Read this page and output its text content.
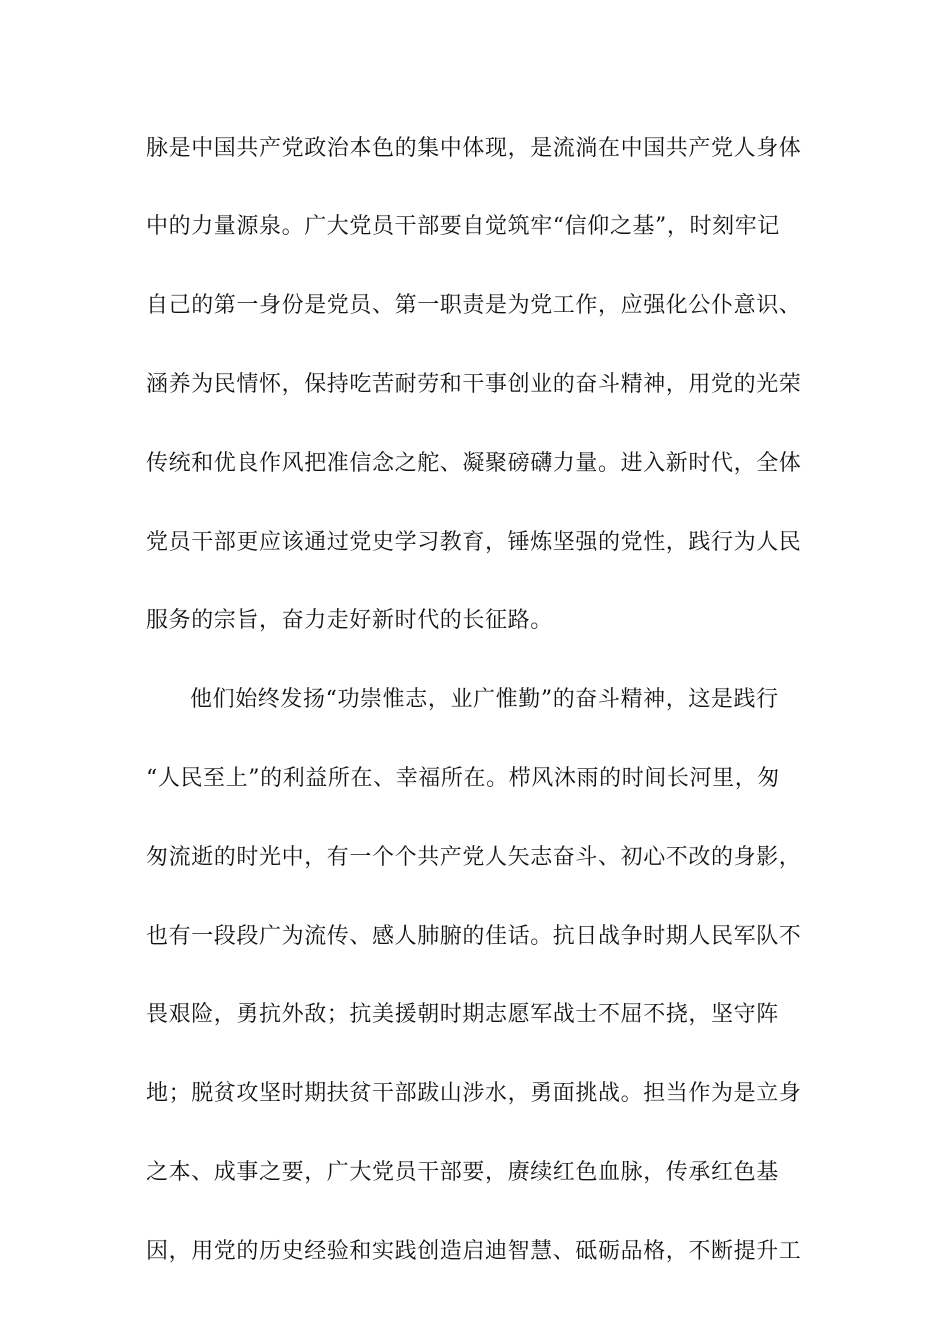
脉是中国共产党政治本色的集中体现，是流淌在中国共产党人身体
中的力量源泉。广大党员干部要自觉筑牢“信仰之基”，时刻牢记
自己的第一身份是党员、第一职责是为党工作，应强化公仆意识、
涵养为民情怀，保持吃苦耐劳和干事创业的奋斗精神，用党的光荣
传统和优良作风把准信念之舵、凝聚磅礴力量。进入新时代，全体
党员干部更应该通过党史学习教育，锤炼坚强的党性，践行为人民
服务的宗旨，奋力走好新时代的长征路。
他们始终发扬“功崇惟志，业广惟勤”的奋斗精神，这是践行
“人民至上”的利益所在、幸福所在。栉风沐雨的时间长河里，匆
匆流逝的时光中，有一个个共产党人矢志奋斗、初心不改的身影，
也有一段段广为流传、感人肺腑的佳话。抗日战争时期人民军队不
畏艰险，勇抗外敌；抗美援朝时期志愿军战士不屈不挠，坚守阵
地；脱贫攻坚时期扶贫干部跋山涉水，勇面挑战。担当作为是立身
之本、成事之要，广大党员干部要，赓续红色血脉，传承红色基
因，用党的历史经验和实践创造启迪智慧、砥砺品格，不断提升工
